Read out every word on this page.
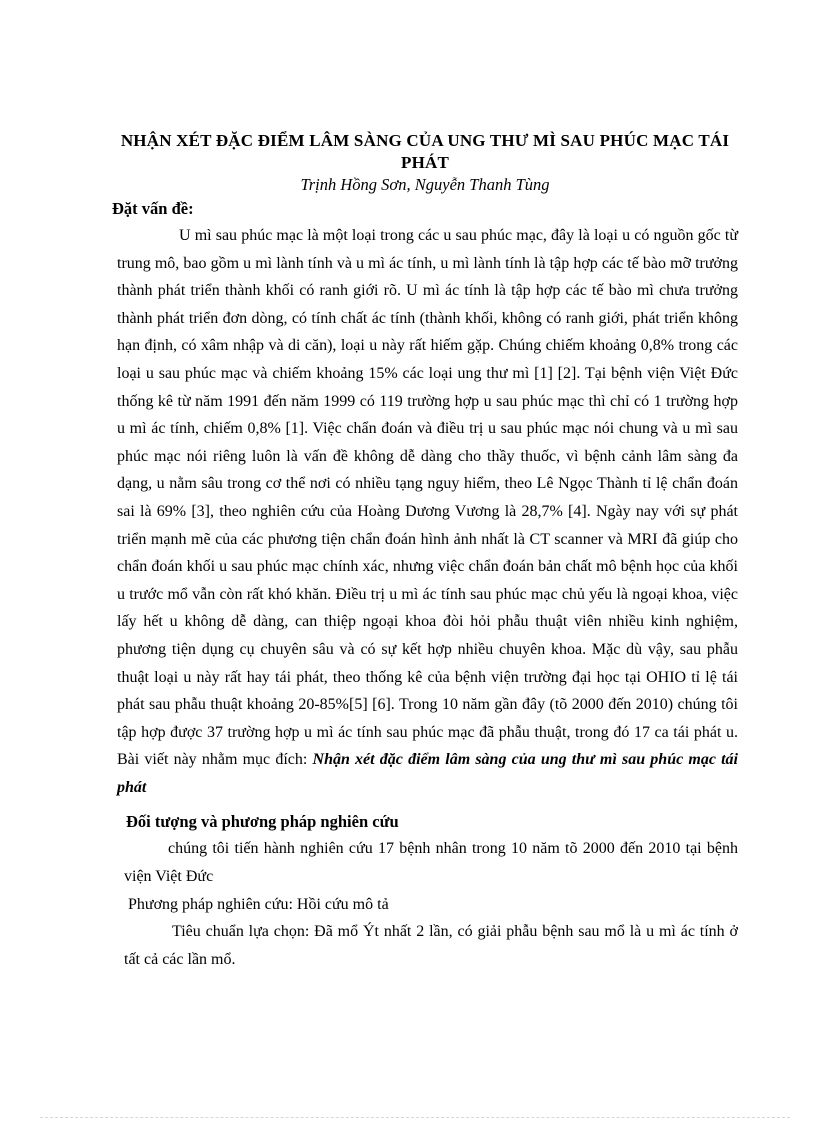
NHẬN XÉT ĐẶC ĐIỂM LÂM SÀNG CỦA UNG THƯ MÌ SAU PHÚC MẠC TÁI
PHÁT
Trịnh Hồng Sơn, Nguyễn Thanh Tùng
Đặt vấn đề:

U mì sau phúc mạc là một loại trong các u sau phúc mạc, đây là loại u có nguồn gốc từ trung mô, bao gồm u mì lành tính và u mì ác tính, u mì lành tính là tập hợp các tế bào mỡ trưởng thành phát triển thành khối có ranh giới rõ. U mì ác tính là tập hợp các tế bào mì chưa trưởng thành phát triển đơn dòng, có tính chất ác tính (thành khối, không có ranh giới, phát triển không hạn định, có xâm nhập và di căn), loại u này rất hiếm gặp. Chúng chiếm khoảng 0,8% trong các loại u sau phúc mạc và chiếm khoảng 15% các loại ung thư mì [1] [2]. Tại bệnh viện Việt Đức thống kê từ năm 1991 đến năm 1999 có 119 trường hợp u sau phúc mạc thì chỉ có 1 trường hợp u mì ác tính, chiếm 0,8% [1]. Việc chẩn đoán và điều trị u sau phúc mạc nói chung và u mì sau phúc mạc nói riêng luôn là vấn đề không dễ dàng cho thầy thuốc, vì bệnh cảnh lâm sàng đa dạng, u nằm sâu trong cơ thể nơi có nhiều tạng nguy hiểm, theo Lê Ngọc Thành tỉ lệ chẩn đoán sai là 69% [3], theo nghiên cứu của Hoàng Dương Vương là 28,7% [4]. Ngày nay với sự phát triển mạnh mẽ của các phương tiện chẩn đoán hình ảnh nhất là CT scanner và MRI đã giúp cho chẩn đoán khối u sau phúc mạc chính xác, nhưng việc chẩn đoán bản chất mô bệnh học của khối u trước mổ vẫn còn rất khó khăn. Điều trị u mì ác tính sau phúc mạc chủ yếu là ngoại khoa, việc lấy hết u không dễ dàng, can thiệp ngoại khoa đòi hỏi phẫu thuật viên nhiều kinh nghiệm, phương tiện dụng cụ chuyên sâu và có sự kết hợp nhiều chuyên khoa. Mặc dù vậy, sau phẫu thuật loại u này rất hay tái phát, theo thống kê của bệnh viện trường đại học tại OHIO tỉ lệ tái phát sau phẫu thuật khoảng 20-85%[5] [6]. Trong 10 năm gần đây (tõ 2000 đến 2010) chúng tôi tập hợp được 37 trường hợp u mì ác tính sau phúc mạc đã phẫu thuật, trong đó 17 ca tái phát u. Bài viết này nhằm mục đích: Nhận xét đặc điểm lâm sàng của ung thư mì sau phúc mạc tái phát

Đối tượng và phương pháp nghiên cứu

chúng tôi tiến hành nghiên cứu 17 bệnh nhân trong 10 năm tõ 2000 đến 2010 tại bệnh viện Việt Đức

Phương pháp nghiên cứu: Hồi cứu mô tả

Tiêu chuẩn lựa chọn: Đã mổ Ýt nhất 2 lần, có giải phẫu bệnh sau mổ là u mì ác tính ở tất cả các lần mổ.
